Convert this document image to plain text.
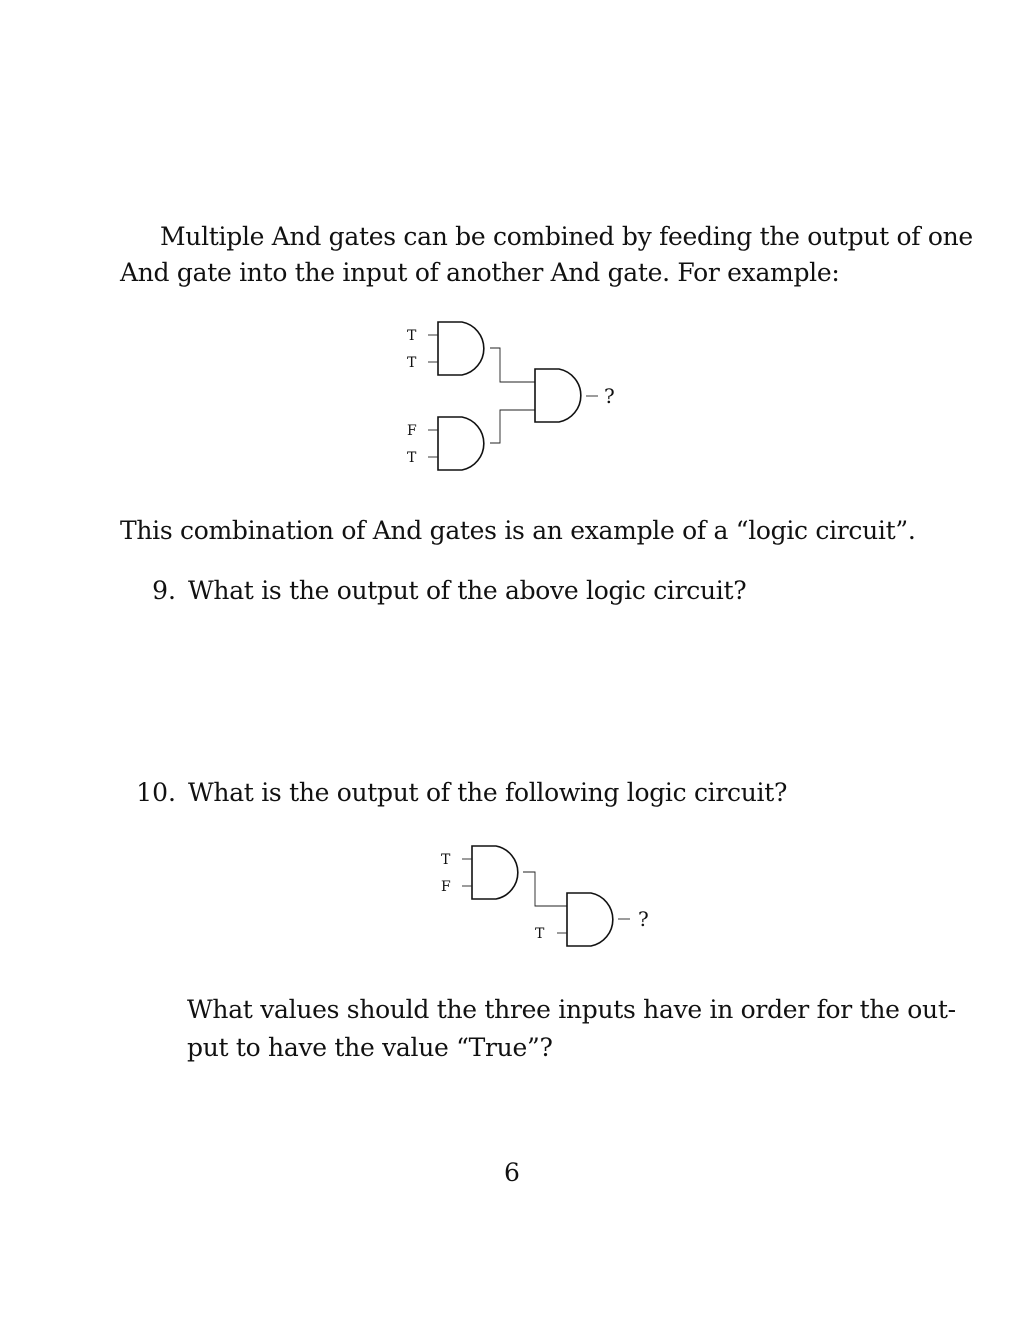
Multiple And gates can be combined by feeding the output of one

And gate into the input of another And gate. For example:

T
T
F
T
?

This combination of And gates is an example of a “logic circuit”.

9. What is the output of the above logic circuit?
10. What is the output of the following logic circuit?
T
F
T
?

What values should the three inputs have in order for the out-

put to have the value “True”?

6
